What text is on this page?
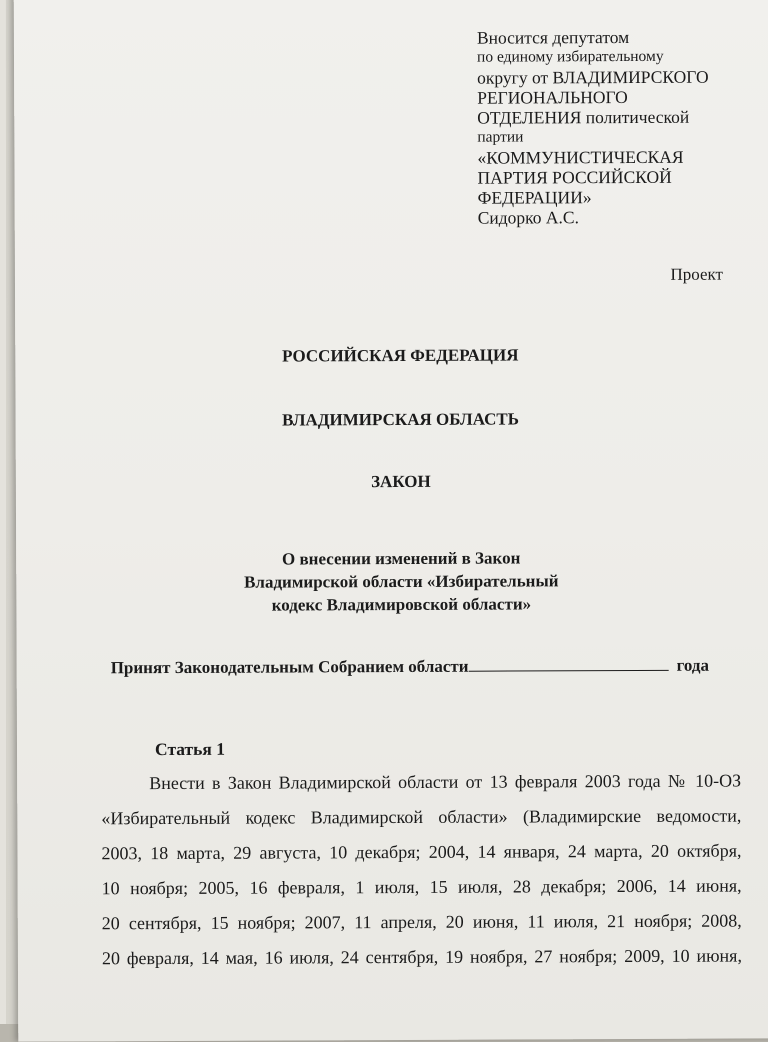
Вносится депутатом
по единому избирательному
округу от ВЛАДИМИРСКОГО
РЕГИОНАЛЬНОГО
ОТДЕЛЕНИЯ политической
партии
«КОММУНИСТИЧЕСКАЯ
ПАРТИЯ РОССИЙСКОЙ
ФЕДЕРАЦИИ»
Сидорко А.С.
Проект
РОССИЙСКАЯ ФЕДЕРАЦИЯ
ВЛАДИМИРСКАЯ ОБЛАСТЬ
ЗАКОН
О внесении изменений в Закон
Владимирской области «Избирательный
кодекс Владимировской области»
Принят Законодательным Собранием области	года
Статья 1
Внести в Закон Владимирской области от 13 февраля 2003 года № 10-ОЗ
«Избирательный кодекс Владимирской области» (Владимирские ведомости,
2003, 18 марта, 29 августа, 10 декабря; 2004, 14 января, 24 марта, 20 октября,
10 ноября; 2005, 16 февраля, 1 июля, 15 июля, 28 декабря; 2006, 14 июня,
20 сентября, 15 ноября; 2007, 11 апреля, 20 июня, 11 июля, 21 ноября; 2008,
20 февраля, 14 мая, 16 июля, 24 сентября, 19 ноября, 27 ноября; 2009, 10 июня,
